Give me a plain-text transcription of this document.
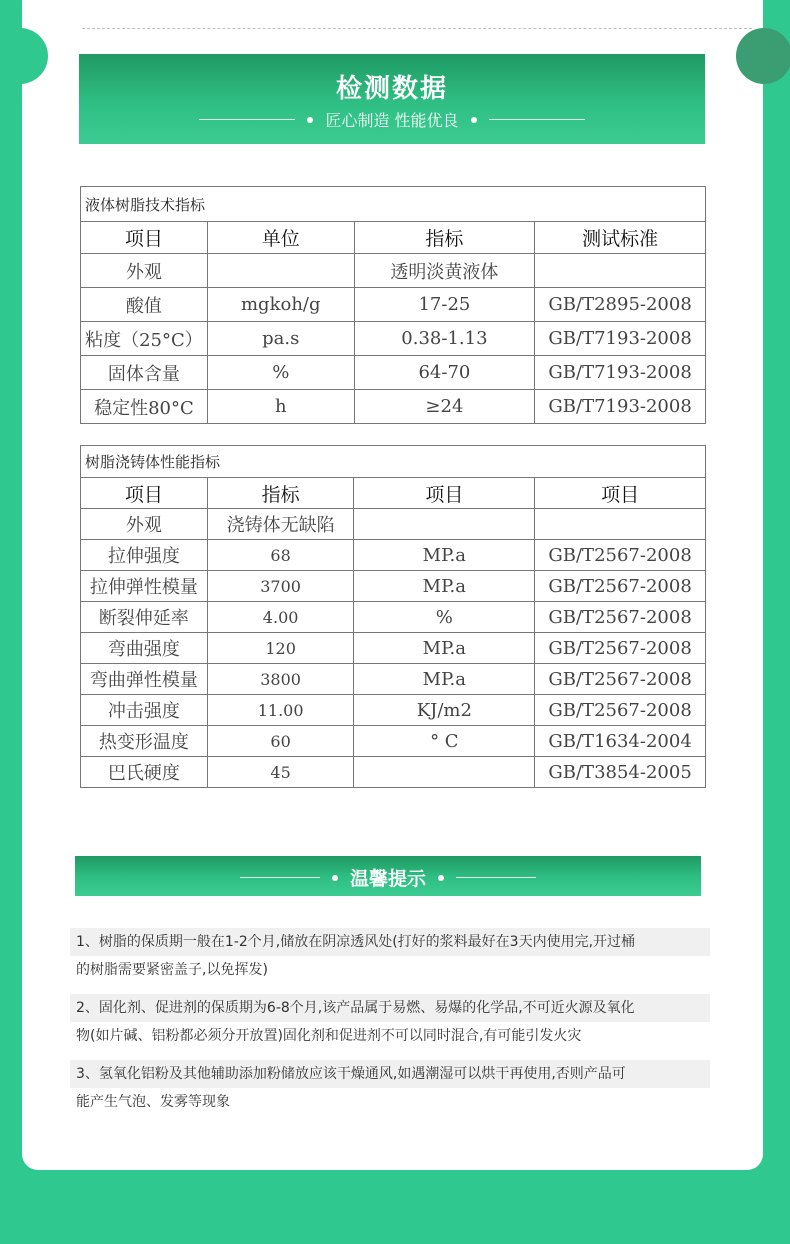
检测数据
匠心制造 性能优良
液体树脂技术指标			
项目	单位	指标	测试标准
外观		透明淡黄液体	
酸值	mgkoh/g	17-25	GB/T2895-2008
粘度（25°C）	pa.s	0.38-1.13	GB/T7193-2008
固体含量	%	64-70	GB/T7193-2008
稳定性80°C	h	≥24	GB/T7193-2008
树脂浇铸体性能指标			
项目	指标	项目	项目
外观	浇铸体无缺陷		
拉伸强度	68	MP.a	GB/T2567-2008
拉伸弹性模量	3700	MP.a	GB/T2567-2008
断裂伸延率	4.00	%	GB/T2567-2008
弯曲强度	120	MP.a	GB/T2567-2008
弯曲弹性模量	3800	MP.a	GB/T2567-2008
冲击强度	11.00	KJ/m2	GB/T2567-2008
热变形温度	60	° C	GB/T1634-2004
巴氏硬度	45		GB/T3854-2005
温馨提示
1、树脂的保质期一般在1-2个月,储放在阴凉透风处(打好的浆料最好在3天内使用完,开过桶
的树脂需要紧密盖子,以免挥发)
2、固化剂、促进剂的保质期为6-8个月,该产品属于易燃、易爆的化学品,不可近火源及氧化
物(如片碱、铝粉都必须分开放置)固化剂和促进剂不可以同时混合,有可能引发火灾
3、氢氧化铝粉及其他辅助添加粉储放应该干燥通风,如遇潮湿可以烘干再使用,否则产品可
能产生气泡、发雾等现象
